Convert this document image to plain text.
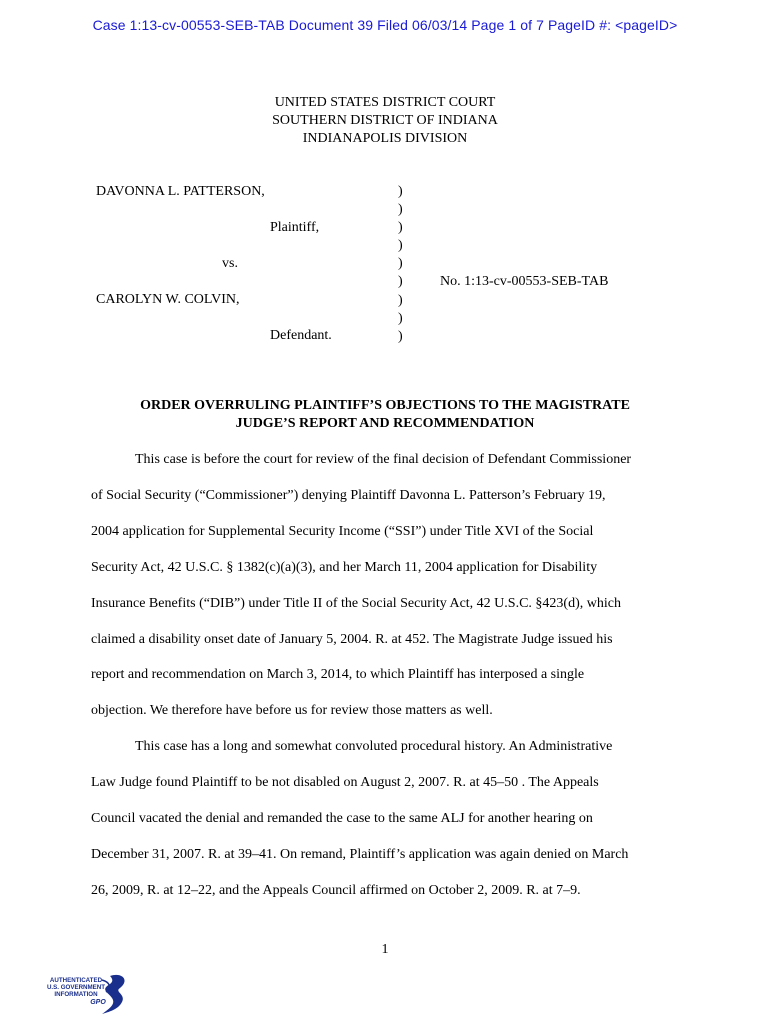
Case 1:13-cv-00553-SEB-TAB Document 39 Filed 06/03/14 Page 1 of 7 PageID #: <pageID>
UNITED STATES DISTRICT COURT
SOUTHERN DISTRICT OF INDIANA
INDIANAPOLIS DIVISION
DAVONNA L. PATTERSON,
Plaintiff,
vs.
CAROLYN W. COLVIN,
Defendant.
)
)
)
)
)
)
)
)
)
No. 1:13-cv-00553-SEB-TAB
ORDER OVERRULING PLAINTIFF’S OBJECTIONS TO THE MAGISTRATE
JUDGE’S REPORT AND RECOMMENDATION
This case is before the court for review of the final decision of Defendant Commissioner
of Social Security (“Commissioner”) denying Plaintiff Davonna L. Patterson’s February 19,
2004 application for Supplemental Security Income (“SSI”) under Title XVI of the Social
Security Act, 42 U.S.C. § 1382(c)(a)(3), and her March 11, 2004 application for Disability
Insurance Benefits (“DIB”) under Title II of the Social Security Act, 42 U.S.C. §423(d), which
claimed a disability onset date of January 5, 2004. R. at 452. The Magistrate Judge issued his
report and recommendation on March 3, 2014, to which Plaintiff has interposed a single
objection. We therefore have before us for review those matters as well.
This case has a long and somewhat convoluted procedural history. An Administrative
Law Judge found Plaintiff to be not disabled on August 2, 2007. R. at 45–50 . The Appeals
Council vacated the denial and remanded the case to the same ALJ for another hearing on
December 31, 2007. R. at 39–41. On remand, Plaintiff’s application was again denied on March
26, 2009, R. at 12–22, and the Appeals Council affirmed on October 2, 2009. R. at 7–9.
1
AUTHENTICATED
U.S. GOVERNMENT
INFORMATION
GPO
